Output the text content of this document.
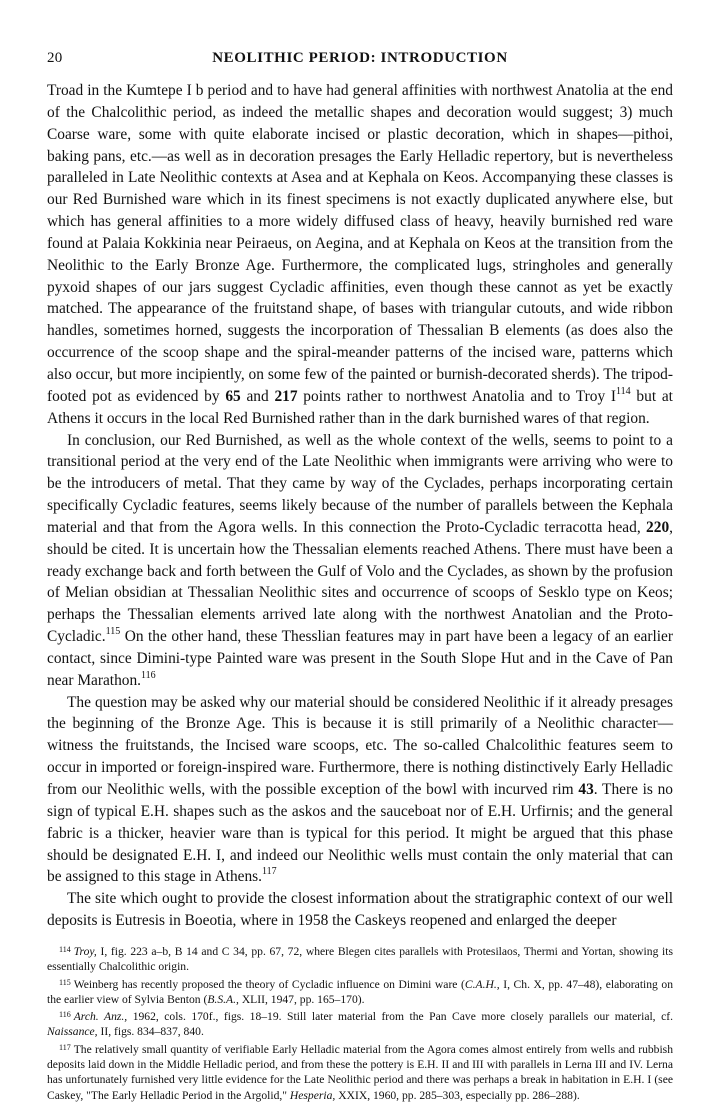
20	NEOLITHIC PERIOD: INTRODUCTION

Troad in the Kumtepe I b period and to have had general affinities with northwest Anatolia at the end of the Chalcolithic period, as indeed the metallic shapes and decoration would suggest; 3) much Coarse ware, some with quite elaborate incised or plastic decoration, which in shapes—pithoi, baking pans, etc.—as well as in decoration presages the Early Helladic repertory, but is nevertheless paralleled in Late Neolithic contexts at Asea and at Kephala on Keos. Accompanying these classes is our Red Burnished ware which in its finest specimens is not exactly duplicated anywhere else, but which has general affinities to a more widely diffused class of heavy, heavily burnished red ware found at Palaia Kokkinia near Peiraeus, on Aegina, and at Kephala on Keos at the transition from the Neolithic to the Early Bronze Age. Furthermore, the complicated lugs, stringholes and generally pyxoid shapes of our jars suggest Cycladic affinities, even though these cannot as yet be exactly matched. The appearance of the fruitstand shape, of bases with triangular cutouts, and wide ribbon handles, sometimes horned, suggests the incorporation of Thessalian B elements (as does also the occurrence of the scoop shape and the spiral-meander patterns of the incised ware, patterns which also occur, but more incipiently, on some few of the painted or burnish-decorated sherds). The tripod-footed pot as evidenced by 65 and 217 points rather to northwest Anatolia and to Troy $I^{114}$ but at Athens it occurs in the local Red Burnished rather than in the dark burnished wares of that region.

In conclusion, our Red Burnished, as well as the whole context of the wells, seems to point to a transitional period at the very end of the Late Neolithic when immigrants were arriving who were to be the introducers of metal. That they came by way of the Cyclades, perhaps incorporating certain specifically Cycladic features, seems likely because of the number of parallels between the Kephala material and that from the Agora wells. In this connection the Proto-Cycladic terracotta head, 220, should be cited. It is uncertain how the Thessalian elements reached Athens. There must have been a ready exchange back and forth between the Gulf of Volo and the Cyclades, as shown by the profusion of Melian obsidian at Thessalian Neolithic sites and occurrence of scoops of Sesklo type on Keos; perhaps the Thessalian elements arrived late along with the northwest Anatolian and the Proto-Cycladic.$^{115}$ On the other hand, these Thesslian features may in part have been a legacy of an earlier contact, since Dimini-type Painted ware was present in the South Slope Hut and in the Cave of Pan near Marathon.$^{116}$

The question may be asked why our material should be considered Neolithic if it already presages the beginning of the Bronze Age. This is because it is still primarily of a Neolithic character—witness the fruitstands, the Incised ware scoops, etc. The so-called Chalcolithic features seem to occur in imported or foreign-inspired ware. Furthermore, there is nothing distinctively Early Helladic from our Neolithic wells, with the possible exception of the bowl with incurved rim 43. There is no sign of typical E.H. shapes such as the askos and the sauceboat nor of E.H. Urfirnis; and the general fabric is a thicker, heavier ware than is typical for this period. It might be argued that this phase should be designated E.H. I, and indeed our Neolithic wells must contain the only material that can be assigned to this stage in Athens.$^{117}$

The site which ought to provide the closest information about the stratigraphic context of our well deposits is Eutresis in Boeotia, where in 1958 the Caskeys reopened and enlarged the deeper

$^{114}$ Troy, I, fig. 223 a–b, B 14 and C 34, pp. 67, 72, where Blegen cites parallels with Protesilaos, Thermi and Yortan, showing its essentially Chalcolithic origin.

$^{115}$ Weinberg has recently proposed the theory of Cycladic influence on Dimini ware (C.A.H., I, Ch. X, pp. 47–48), elaborating on the earlier view of Sylvia Benton (B.S.A., XLII, 1947, pp. 165–170).

$^{116}$ Arch. Anz., 1962, cols. 170f., figs. 18–19. Still later material from the Pan Cave more closely parallels our material, cf. Naissance, II, figs. 834–837, 840.

$^{117}$ The relatively small quantity of verifiable Early Helladic material from the Agora comes almost entirely from wells and rubbish deposits laid down in the Middle Helladic period, and from these the pottery is E.H. II and III with parallels in Lerna III and IV. Lerna has unfortunately furnished very little evidence for the Late Neolithic period and there was perhaps a break in habitation in E.H. I (see Caskey, "The Early Helladic Period in the Argolid," Hesperia, XXIX, 1960, pp. 285–303, especially pp. 286–288).
